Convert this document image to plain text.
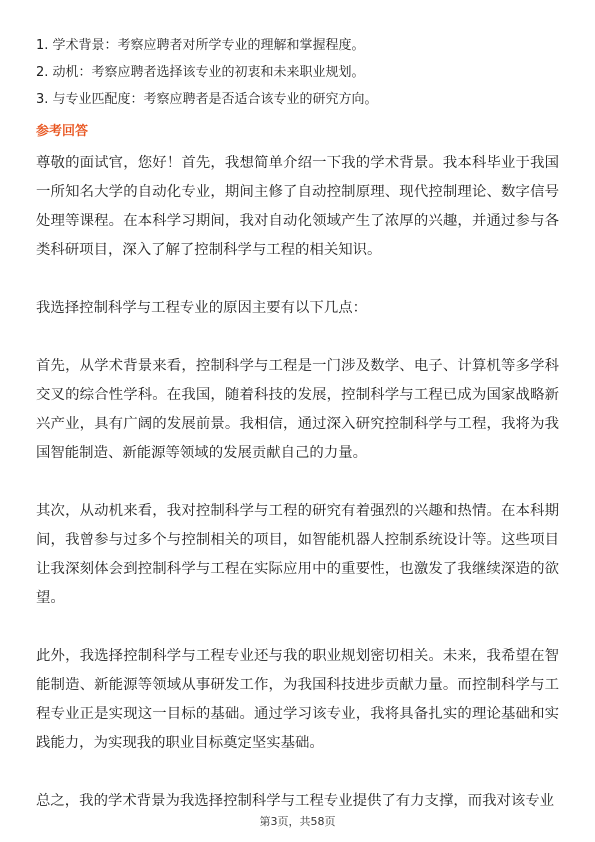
1. 学术背景：考察应聘者对所学专业的理解和掌握程度。
2. 动机：考察应聘者选择该专业的初衷和未来职业规划。
3. 与专业匹配度：考察应聘者是否适合该专业的研究方向。
参考回答

尊敬的面试官，您好！首先，我想简单介绍一下我的学术背景。我本科毕业于我国一所知名大学的自动化专业，期间主修了自动控制原理、现代控制理论、数字信号处理等课程。在本科学习期间，我对自动化领域产生了浓厚的兴趣，并通过参与各类科研项目，深入了解了控制科学与工程的相关知识。

我选择控制科学与工程专业的原因主要有以下几点：

首先，从学术背景来看，控制科学与工程是一门涉及数学、电子、计算机等多学科交叉的综合性学科。在我国，随着科技的发展，控制科学与工程已成为国家战略新兴产业，具有广阔的发展前景。我相信，通过深入研究控制科学与工程，我将为我国智能制造、新能源等领域的发展贡献自己的力量。

其次，从动机来看，我对控制科学与工程的研究有着强烈的兴趣和热情。在本科期间，我曾参与过多个与控制相关的项目，如智能机器人控制系统设计等。这些项目让我深刻体会到控制科学与工程在实际应用中的重要性，也激发了我继续深造的欲望。

此外，我选择控制科学与工程专业还与我的职业规划密切相关。未来，我希望在智能制造、新能源等领域从事研发工作，为我国科技进步贡献力量。而控制科学与工程专业正是实现这一目标的基础。通过学习该专业，我将具备扎实的理论基础和实践能力，为实现我的职业目标奠定坚实基础。

总之，我的学术背景为我选择控制科学与工程专业提供了有力支撑，而我对该专业

第3页，共58页
